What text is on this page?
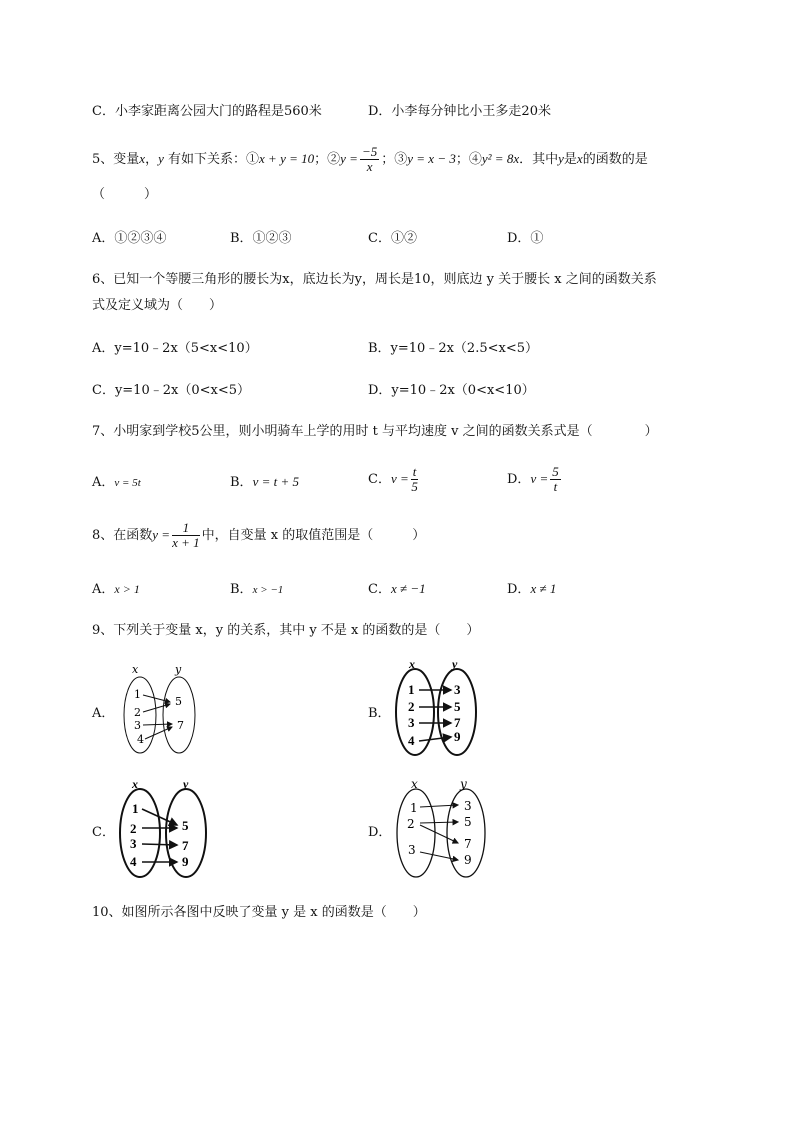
C．小李家距离公园大门的路程是560米	D．小李每分钟比小王多走20米
5、变量x，y 有如下关系：①x + y = 10；②y = $\frac{-5}{x}$ ；③y = x − 3；④y² = 8x．其中y是x的函数的是
（　　　）
A．①②③④	B．①②③	C．①②	D．①
6、已知一个等腰三角形的腰长为x，底边长为y，周长是10，则底边 y 关于腰长 x 之间的函数关系
式及定义域为（　　）
A．y=10﹣2x（5<x<10）	B．y=10﹣2x（2.5<x<5）
C．y=10﹣2x（0<x<5）	D．y=10﹣2x（0<x<10）
7、小明家到学校5公里，则小明骑车上学的用时 t 与平均速度 v 之间的函数关系式是（　　　　）
A．v = 5t	B．v = t + 5	C．$v = \frac{t}{5}$	D．$v = \frac{5}{t}$
8、在函数$y = \frac{1}{x + 1}$ 中，自变量 x 的取值范围是（　　　）
A．x > 1	B．x > −1	C．x ≠ −1	D．x ≠ 1
9、下列关于变量 x，y 的关系，其中 y 不是 x 的函数的是（　　）
A．	B．
C．	D．
x	y
1
2
3
4
5
7
x	y
1
2
3
4
3
5
7
9
x	y
1
2
3
4
5
7
9
x	y
1
2
3
3
5
7
9
10、如图所示各图中反映了变量 y 是 x 的函数是（　　）
